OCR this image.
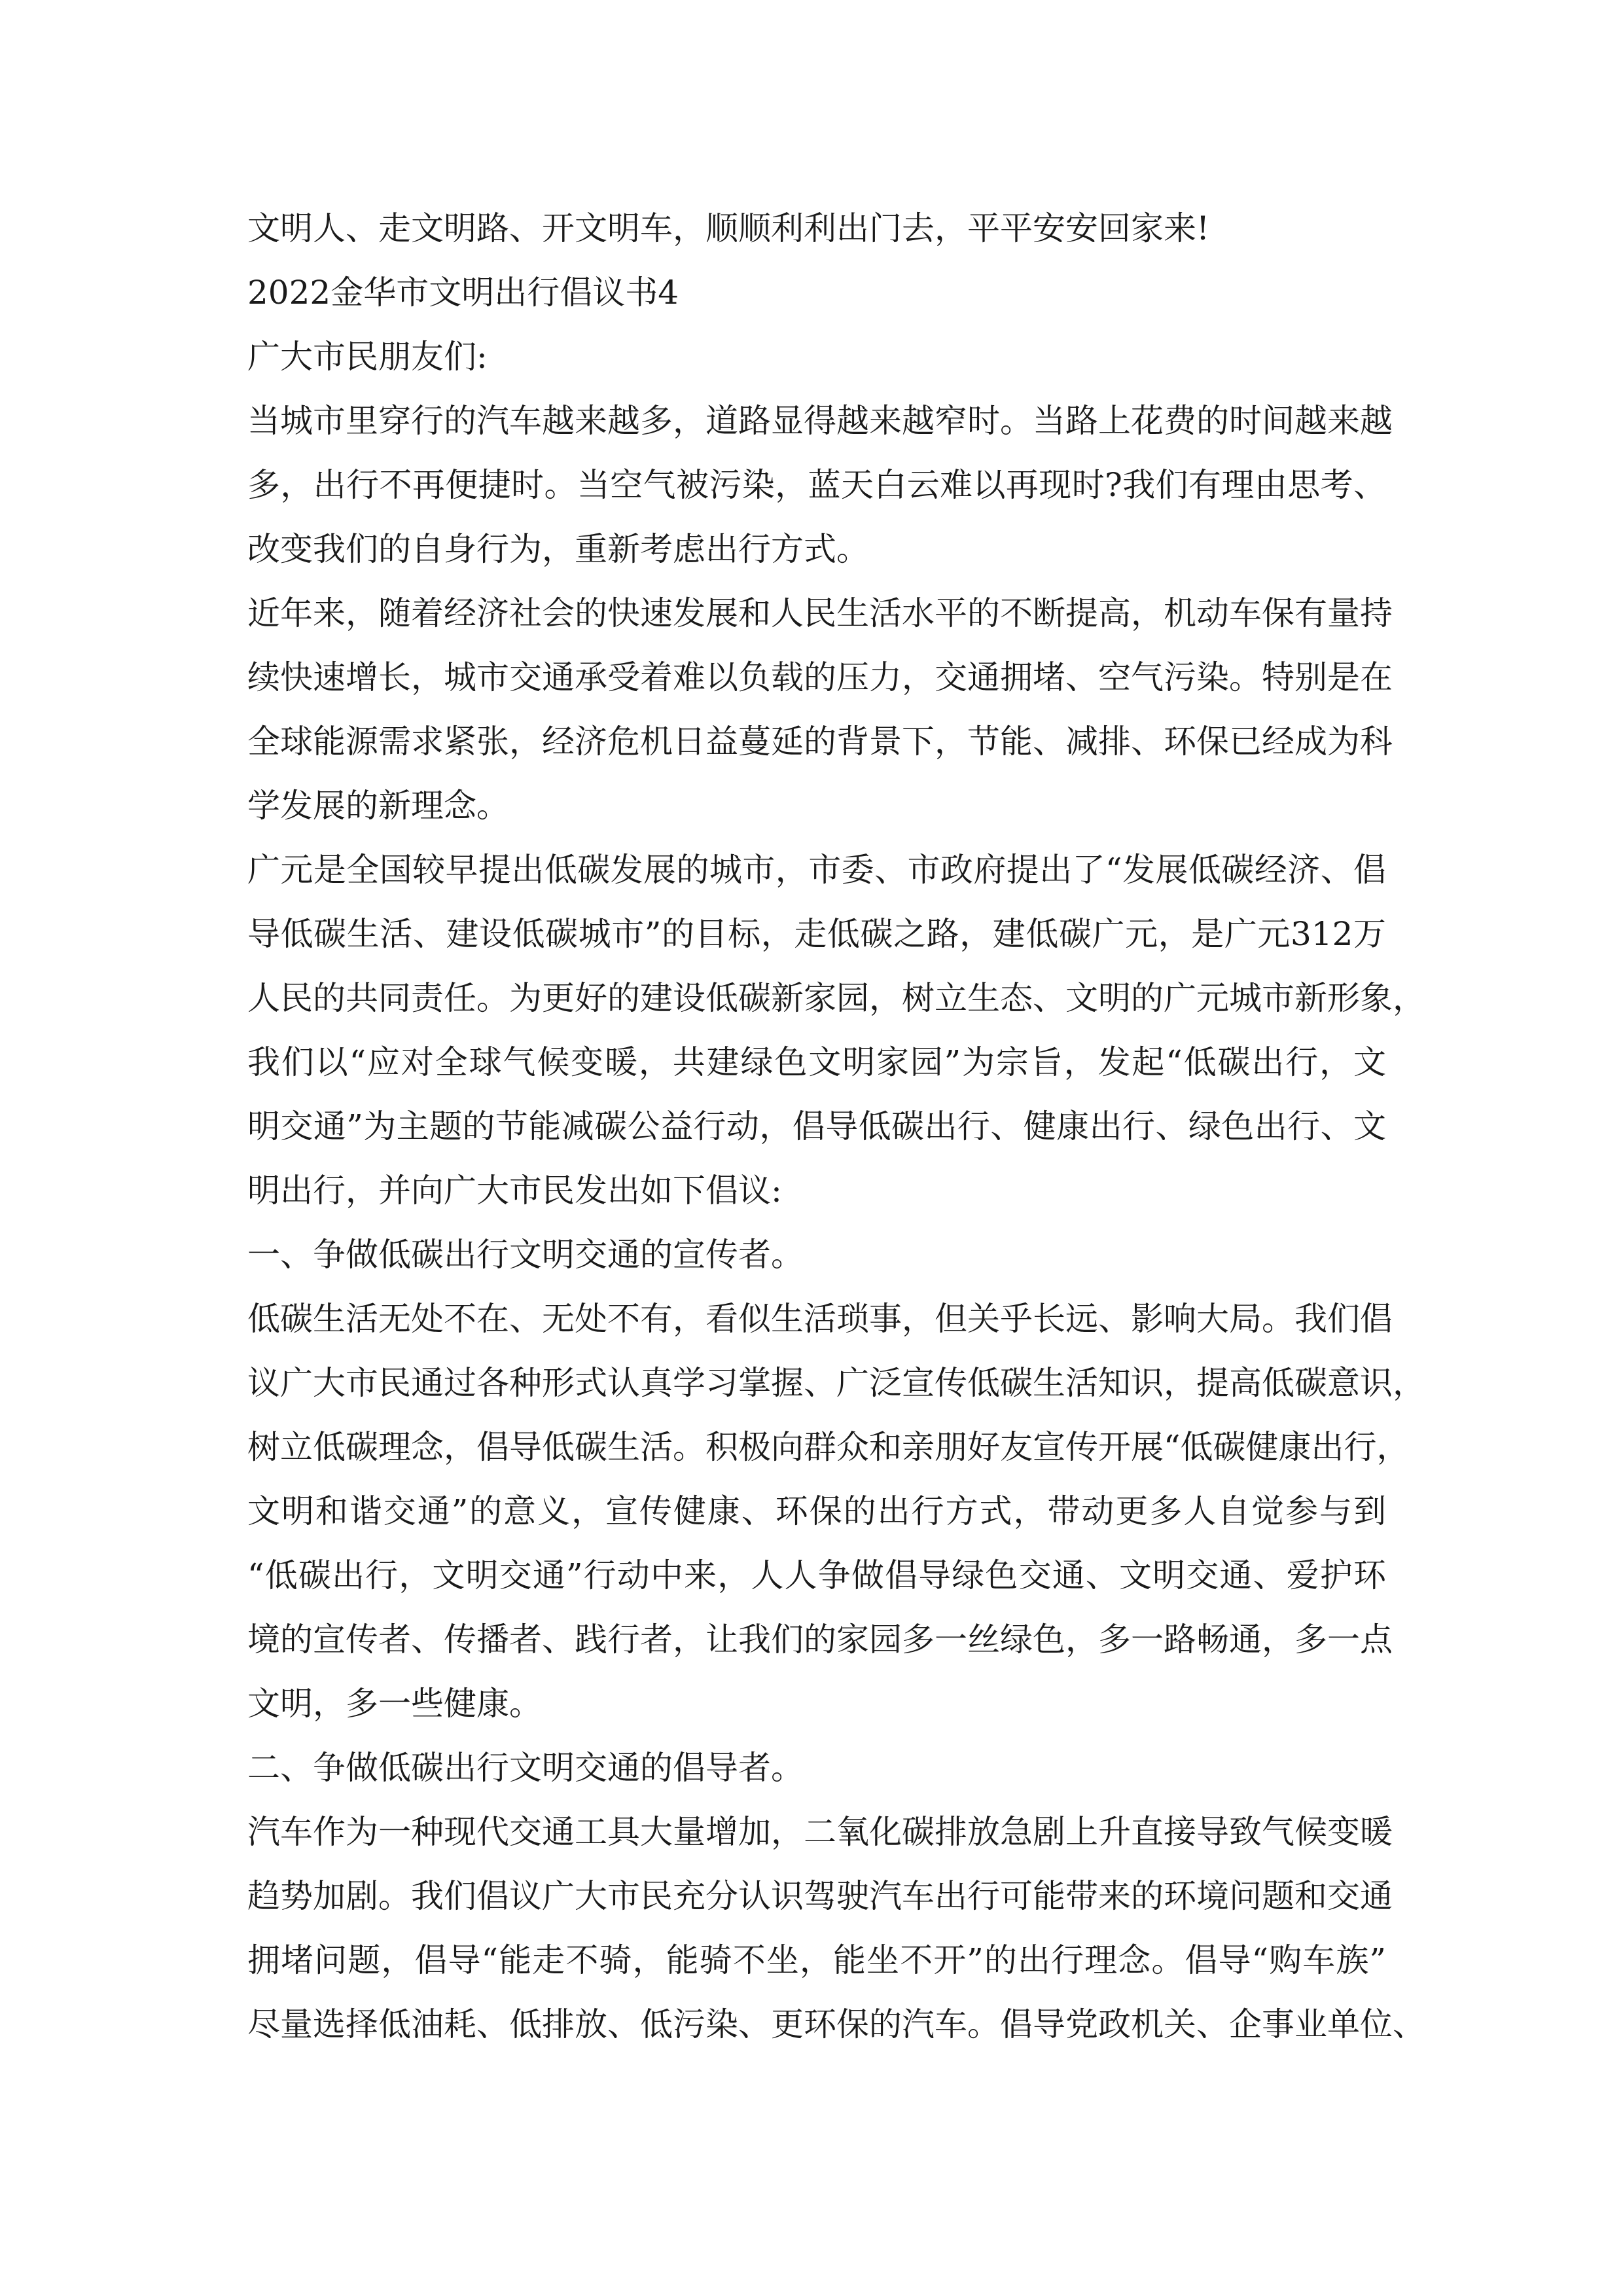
文明人、走文明路、开文明车，顺顺利利出门去，平平安安回家来!
2022金华市文明出行倡议书4
广大市民朋友们:
当城市里穿行的汽车越来越多，道路显得越来越窄时。当路上花费的时间越来越
多，出行不再便捷时。当空气被污染，蓝天白云难以再现时?我们有理由思考、
改变我们的自身行为，重新考虑出行方式。
近年来，随着经济社会的快速发展和人民生活水平的不断提高，机动车保有量持
续快速增长，城市交通承受着难以负载的压力，交通拥堵、空气污染。特别是在
全球能源需求紧张，经济危机日益蔓延的背景下，节能、减排、环保已经成为科
学发展的新理念。
广元是全国较早提出低碳发展的城市，市委、市政府提出了“发展低碳经济、倡
导低碳生活、建设低碳城市”的目标，走低碳之路，建低碳广元，是广元312万
人民的共同责任。为更好的建设低碳新家园，树立生态、文明的广元城市新形象，
我们以“应对全球气候变暖，共建绿色文明家园”为宗旨，发起“低碳出行，文
明交通”为主题的节能减碳公益行动，倡导低碳出行、健康出行、绿色出行、文
明出行，并向广大市民发出如下倡议:
一、争做低碳出行文明交通的宣传者。
低碳生活无处不在、无处不有，看似生活琐事，但关乎长远、影响大局。我们倡
议广大市民通过各种形式认真学习掌握、广泛宣传低碳生活知识，提高低碳意识，
树立低碳理念，倡导低碳生活。积极向群众和亲朋好友宣传开展“低碳健康出行，
文明和谐交通”的意义，宣传健康、环保的出行方式，带动更多人自觉参与到
“低碳出行，文明交通”行动中来，人人争做倡导绿色交通、文明交通、爱护环
境的宣传者、传播者、践行者，让我们的家园多一丝绿色，多一路畅通，多一点
文明，多一些健康。
二、争做低碳出行文明交通的倡导者。
汽车作为一种现代交通工具大量增加，二氧化碳排放急剧上升直接导致气候变暖
趋势加剧。我们倡议广大市民充分认识驾驶汽车出行可能带来的环境问题和交通
拥堵问题，倡导“能走不骑，能骑不坐，能坐不开”的出行理念。倡导“购车族”
尽量选择低油耗、低排放、低污染、更环保的汽车。倡导党政机关、企事业单位、
